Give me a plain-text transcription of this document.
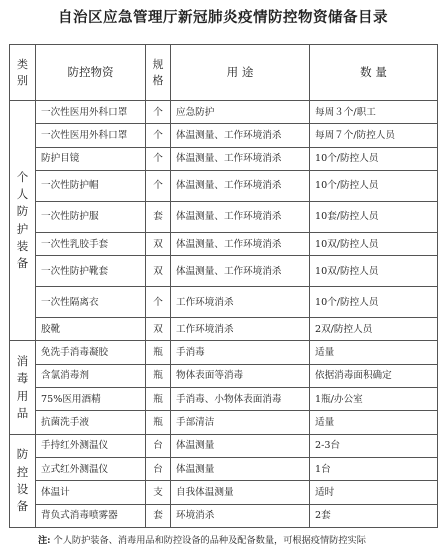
自治区应急管理厅新冠肺炎疫情防控物资储备目录
类别	防控物资	规格	用 途	数 量
个人防护装备	一次性医用外科口罩	个	应急防护	每周３个/职工
	一次性医用外科口罩	个	体温测量、工作环境消杀	每周７个/防控人员
	防护目镜	个	体温测量、工作环境消杀	10个/防控人员
	一次性防护帽	个	体温测量、工作环境消杀	10个/防控人员
	一次性防护服	套	体温测量、工作环境消杀	10套/防控人员
	一次性乳胶手套	双	体温测量、工作环境消杀	10双/防控人员
	一次性防护靴套	双	体温测量、工作环境消杀	10双/防控人员
	一次性隔离衣	个	工作环境消杀	10个/防控人员
	胶靴	双	工作环境消杀	2双/防控人员
消毒用品	免洗手消毒凝胶	瓶	手消毒	适量
	含氯消毒剂	瓶	物体表面等消毒	依据消毒面积确定
	75%医用酒精	瓶	手消毒、小物体表面消毒	1瓶/办公室
	抗菌洗手液	瓶	手部清洁	适量
防控设备	手持红外测温仪	台	体温测量	2-3台
	立式红外测温仪	台	体温测量	1台
	体温计	支	自我体温测量	适时
	背负式消毒喷雾器	套	环境消杀	2套
注: 个人防护装备、消毒用品和防控设备的品种及配备数量，可根据疫情防控实际
